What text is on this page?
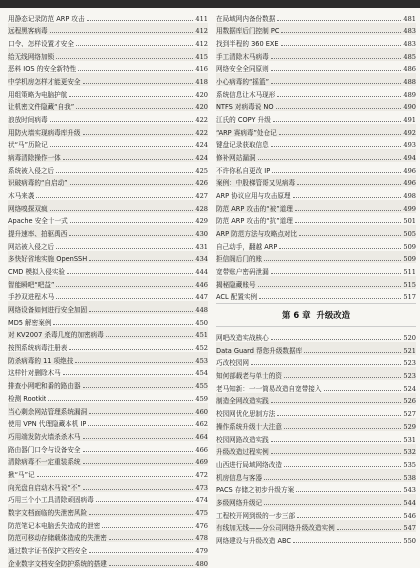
用静态记录防范 ARP 攻击	411
远程黑客病毒	412
口令、怎样设置才安全	412
给无线网络加锁	415
恶料 IOS 的安全新特性	416
中学机房怎样才能更安全	418
用组策略为电脑护航	420
让机密文件隐藏“自我”	420
浪放时间病毒	422
用防火墙实现病毒库升级	422
状“马”历险记	424
病毒清除操作一体	424
系统被入侵之后	425
识破病毒的“自启动”	426
木马来袭	427
网络嗅探双疯	428
Apache 安全十一式	429
提升速率、拍驱禹西	430
网站被入侵之后	431
多快好省地实施 OpenSSH	434
CMD 模拟入侵实验	444
智能瞬吧“吧益”	446
手抄双进程木马	447
网络设备如何进行安全加固	448
MD5 解密案例	450
对 KV2007 杀毒几度的加密病毒	451
按图系统病毒注册表	452
防杀病毒的 11 项绝技	453
这样针对删除木马	454
排查小网吧和番的路由器	455
检测 Rootkit	459
当心剩余网站管理系统漏洞	460
使用 VPN 代理隐藏本机 IP	462
巧用端发防火墙杀杀木马	464
路由器门口令与设备安全	466
清除病毒不一定重装系统	469
揪“马”记	472
向光盘自启动木马说“不”	473
巧用三个小工具清除顽固病毒	474
数字文档面临的失泄密风险	475
防范笔记本电脑丢失造成的泄密	476
防范可移动存储载体造成的失泄密	478
通过数字证书保护文档安全	479
企业数字文档安全防护系统的搭建	480
在局域网内备份数据	481
用数据库后门控制 PC	483
找到半程的 360 EXE	483
手工清除木马病毒	485
网络安全全同原则	486
小心病毒的“摇篮”	488
系统信息让木马现形	489
NTFS 对病毒说 NO	490
江氏的 COPY 升级	491
“ARP 赛病毒”处仓记	492
键盘记录获取信息	493
修补网站漏洞	494
不许你私自更改 IP	496
案例：中股梯管哥又见病毒	496
ARP 协议应用与攻击原理	498
防范 ARP 攻击的“被”道理	499
防范 ARP 攻击的“抗”道理	501
ARP 防范方法与攻略点对比	505
自己动手，翻越 ARP	509
拒信阁后门的账	509
宽带账户密码泄漏	511
揭秘隐藏账号	515
ACL 配置实例	517
第 6 章 升级改造
网吧改造实战核心	520
Data Guard 帮您升级数据库	521
巧改校园网	523
知何部载老与单士的资	523
老马知新：一一简易改造自宽带接入	524
制造全网改造实践	526
校园网优化思制方法	527
操作系统升级十大注意	529
校园网路改造实践	531
升级改造过程实例	532
山西进行局域网络改造	535
机房信息与客器	538
PACS 存储之初步升级方案	543
多级网络升级记	544
工程校开网到级的一步三部	546
有线加无线——分公司网络升级改造实例	547
网络建设与升级改造 ABC	550
